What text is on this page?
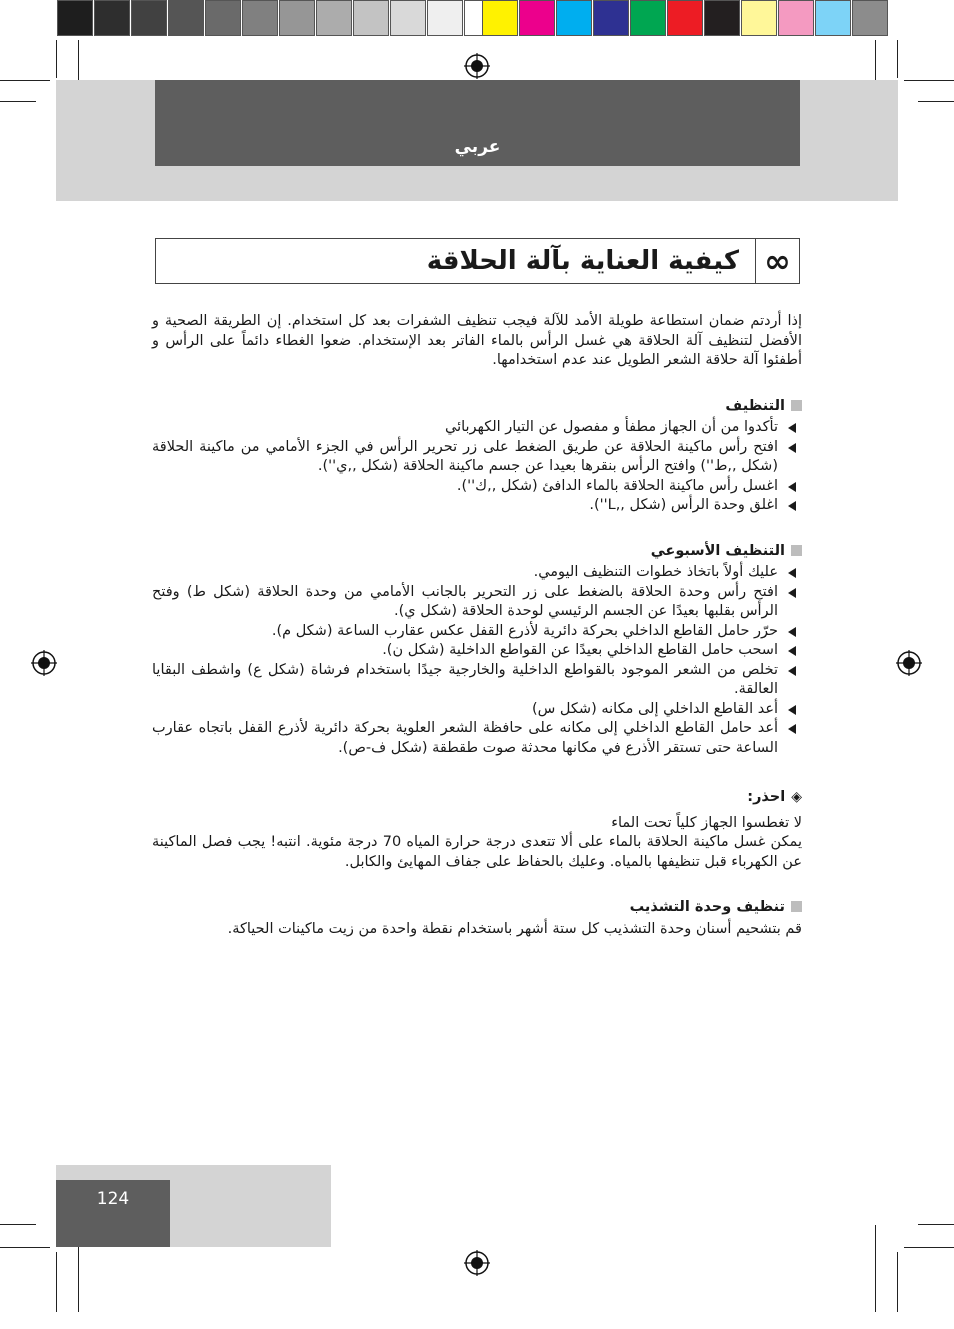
عربي
كيفية العناية بآلة الحلاقة ∞

إذا أردتم ضمان استطاعة طويلة الأمد للآلة فيجب تنظيف الشفرات بعد كل استخدام. إن الطريقة الصحية و الأفضل لتنظيف آلة الحلاقة هي غسل الرأس بالماء الفاتر بعد الإستخدام. ضعوا الغطاء دائماً على الرأس و أطفئوا آلة حلاقة الشعر الطويل عند عدم استخدامها.

التنظيف
تأكدوا من أن الجهاز مطفأ و مفصول عن التيار الكهربائي
افتح رأس ماكينة الحلاقة عن طريق الضغط على زر تحرير الرأس في الجزء الأمامي من ماكينة الحلاقة (شكل ,,ط'') وافتح الرأس بنقرها بعيدا عن جسم ماكينة الحلاقة (شكل ,,ي'').
اغسل رأس ماكينة الحلاقة بالماء الدافئ (شكل ,,ك'').
اغلق وحدة الرأس (شكل ,,L'').
التنظيف الأسبوعي
عليك أولاً باتخاذ خطوات التنظيف اليومي.
افتح رأس وحدة الحلاقة بالضغط على زر التحرير بالجانب الأمامي من وحدة الحلاقة (شكل ط) وفتح الرأس بقلبها بعيدًا عن الجسم الرئيسي لوحدة الحلاقة (شكل ي).
حرّر حامل القاطع الداخلي بحركة دائرية لأذرع القفل عكس عقارب الساعة (شكل م).
اسحب حامل القاطع الداخلي بعيدًا عن القواطع الداخلية (شكل ن).
تخلص من الشعر الموجود بالقواطع الداخلية والخارجية جيدًا باستخدام فرشاة (شكل ع) واشطف البقايا العالقة.
أعد القاطع الداخلي إلى مكانه (شكل س)
أعد حامل القاطع الداخلي إلى مكانه على حافظة الشعر العلوية بحركة دائرية لأذرع القفل باتجاه عقارب الساعة حتى تستقر الأذرع في مكانها محدثة صوت طقطقة (شكل ف-ص).
◈احذر:

لا تغطسوا الجهاز كلياً تحت الماء

يمكن غسل ماكينة الحلاقة بالماء على ألا تتعدى درجة حرارة المياه 70 درجة مئوية. انتبه! يجب فصل الماكينة عن الكهرباء قبل تنظيفها بالمياه. وعليك بالحفاظ على جفاف المهايئ والكابل.

تنظيف وحدة التشذيب

قم بتشحيم أسنان وحدة التشذيب كل ستة أشهر باستخدام نقطة واحدة من زيت ماكينات الحياكة.

124
